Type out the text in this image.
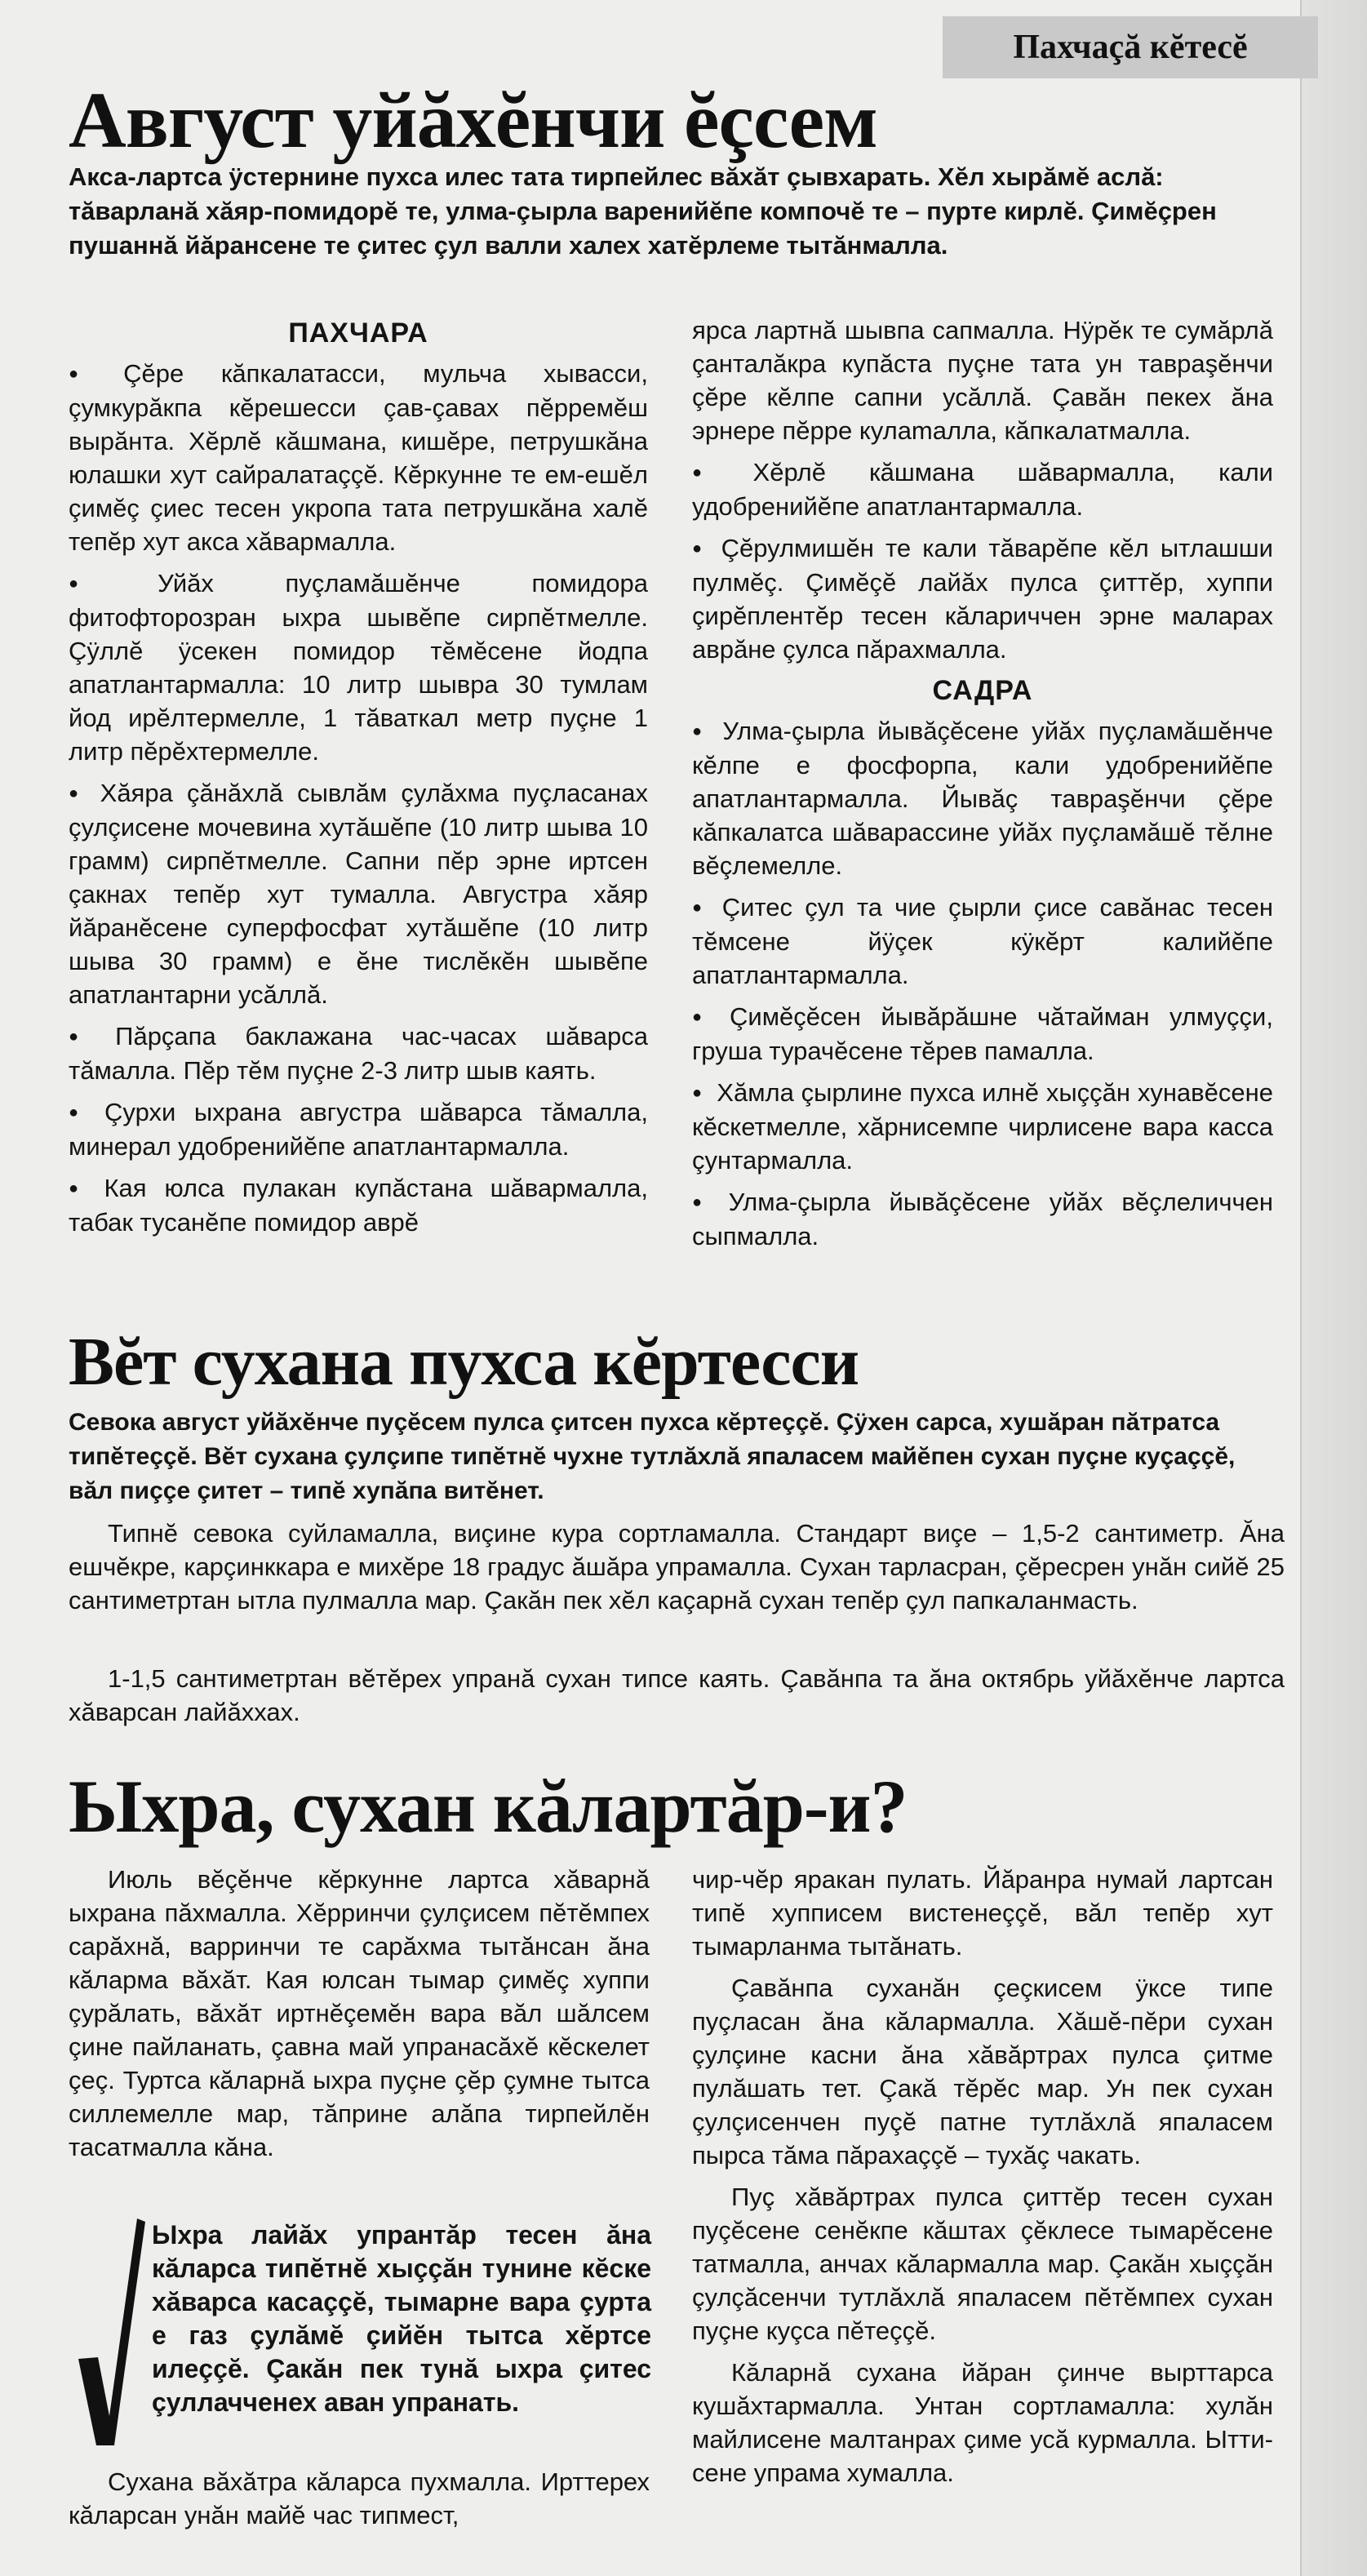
Пахчаçă кĕтесĕ
Август уйăхĕнчи ĕçсем

Акса-лартса ÿстернине пухса илес тата тирпейлес вăхăт çывхарать. Хĕл хырăмĕ аслă: тăварланă хăяр-помидорĕ те, улма-çырла варенийĕпе компочĕ те – пурте кирлĕ. Çимĕçрен пушаннă йăрансене те çитес çул валли халех хатĕрлеме тытăнмалла.

ПАХЧАРА

● Çĕре кăпкалатасси, мульча хывасси, çумкурăкпа кĕрешесси çав-çавах пĕрремĕш вырăнта. Хĕрлĕ кăшмана, кишĕре, петрушкăна юлашки хут сайралатаççĕ. Кĕркунне те ем-ешĕл çимĕç çиес тесен укропа тата петрушкăна халĕ тепĕр хут акса хăвармалла.

● Уйăх пуçламăшĕнче помидора фитофторозран ыхра шывĕпе сирпĕтмелле. Çÿллĕ ÿсекен помидор тĕмĕсене йодпа апатлантармалла: 10 литр шывра 30 тумлам йод ирĕлтермелле, 1 тăваткал метр пуçне 1 литр пĕрĕхтермелле.

● Хăяра çăнăхлă сывлăм çулăхма пуçласанах çулçисене мочевина хутăшĕпе (10 литр шыва 10 грамм) сирпĕтмелле. Сапни пĕр эрне иртсен çакнах тепĕр хут тумалла. Августра хăяр йăранĕсене суперфосфат хутăшĕпе (10 литр шыва 30 грамм) е ĕне тислĕкĕн шывĕпе апатлантарни усăллă.

● Пăрçапа баклажана час-часах шăварса тăмалла. Пĕр тĕм пуçне 2-3 литр шыв каять.

● Çурхи ыхрана августра шăварса тăмалла, минерал удобренийĕпе апатлантармалла.

● Кая юлса пулакан купăстана шăвармалла, табак тусанĕпе помидор аврĕ

ярса лартнă шывпа сапмалла. Нÿрĕк те сумăрлă çанталăкра купăста пуçне тата ун тавраşĕнчи çĕре кĕлпе сапни усăллă. Çавăн пекех ăна эрнере пĕрре кулаmалла, кăпкалатмалла.

● Хĕрлĕ кăшмана шăвармалла, кали удобренийĕпе апатлантармалла.

● Çĕрулмишĕн те кали тăварĕпе кĕл ытлашши пулмĕç. Çимĕçĕ лайăх пулса çиттĕр, хуппи çирĕплентĕр тесен кăлариччен эрне маларах аврăне çулса пăрахмалла.

САДРА

● Улма-çырла йывăçĕсене уйăх пуçламăшĕнче кĕлпе е фосфорпа, кали удобренийĕпе апатлантармалла. Йывăç тавраşĕнчи çĕре кăпкалатса шăварассине уйăх пуçламăшĕ тĕлне вĕçлемелле.

● Çитес çул та чие çырли çисе савăнас тесен тĕмсене йÿçек кÿкĕрт калийĕпе апатлантармалла.

● Çимĕçĕсен йывăрăшне чăтайман улмуççи, груша турачĕсене тĕрев памалла.

● Хăмла çырлине пухса илнĕ хыççăн хунавĕсене кĕскетмелле, хăрнисемпе чирлисене вара касса çунтармалла.

● Улма-çырла йывăçĕсене уйăх вĕçлеличчен сыпмалла.

Вĕт сухана пухса кĕртесси

Севока август уйăхĕнче пуçĕсем пулса çитсен пухса кĕртеççĕ. Çÿхен сарса, хушăран пăтратса типĕтеççĕ. Вĕт сухана çулçипе типĕтнĕ чухне тутлăхлă япаласем майĕпен сухан пуçне куçаççĕ, вăл пиççе çитет – типĕ хупăпа витĕнет.

Типнĕ севока суйламалла, виçине кура сортламалла. Стандарт виçе – 1,5-2 сантиметр. Ăна ешчĕкре, карçинккара е михĕре 18 градус ăшăра упрамалла. Сухан тарласран, çĕресрен унăн сийĕ 25 сантиметртан ытла пулмалла мар. Çакăн пек хĕл каçарнă сухан тепĕр çул папкаланмасть.

1-1,5 сантиметртан вĕтĕрех упранă сухан типсе каять. Çавăнпа та ăна октябрь уйăхĕнче лартса хăварсан лайăххах.

Ыхра, сухан кăлартăр-и?

Июль вĕçĕнче кĕркунне лартса хăварнă ыхрана пăхмалла. Хĕрринчи çулçисем пĕтĕмпех сарăхнă, варринчи те сарăхма тытăнсан ăна кăларма вăхăт. Кая юлсан тымар çимĕç хуппи çурăлать, вăхăт иртнĕçемĕн вара вăл шăлсем çине пайланать, çавна май упранасăхĕ кĕскелет çеç. Туртса кăларнă ыхра пуçне çĕр çумне тытса силлемелле мар, тăприне алăпа тирпейлĕн тасатмалла кăна.

Ыхра лайăх упрантăр тесен ăна кăларса типĕтнĕ хыççăн тунине кĕске хăварса касаççĕ, тымарне вара çурта е газ çулăмĕ çийĕн тытса хĕртсе илеççĕ. Çакăн пек тунă ыхра çитес çуллачченех аван упранать.

Сухана вăхăтра кăларса пухмалла. Ирттерех кăларсан унăн майĕ час типмест,

чир-чĕр яракан пулать. Йăранра нумай лартсан типĕ хупписем вистенеççĕ, вăл тепĕр хут тымарланма тытăнать.

Çавăнпа суханăн çеçкисем ÿксе типе пуçласан ăна кăлармалла. Хăшĕ-пĕри сухан çулçине касни ăна хăвăртрах пулса çитме пулăшать тет. Çакă тĕрĕс мар. Ун пек сухан çулçисенчен пуçĕ патне тутлăхлă япаласем пырса тăма пăрахаççĕ – тухăç чакать.

Пуç хăвăртрах пулса çиттĕр тесен сухан пуçĕсене сенĕкпе кăштах çĕклесе тымарĕсене татмалла, анчах кăлармалла мар. Çакăн хыççăн çулçăсенчи тутлăхлă япаласем пĕтĕмпех сухан пуçне куçса пĕтеççĕ.

Кăларнă сухана йăран çинче вырттарса кушăхтармалла. Унтан сортламалла: хулăн майлисене малтанрах çиме усă курмалла. Ыттисене упрама хумалла.
